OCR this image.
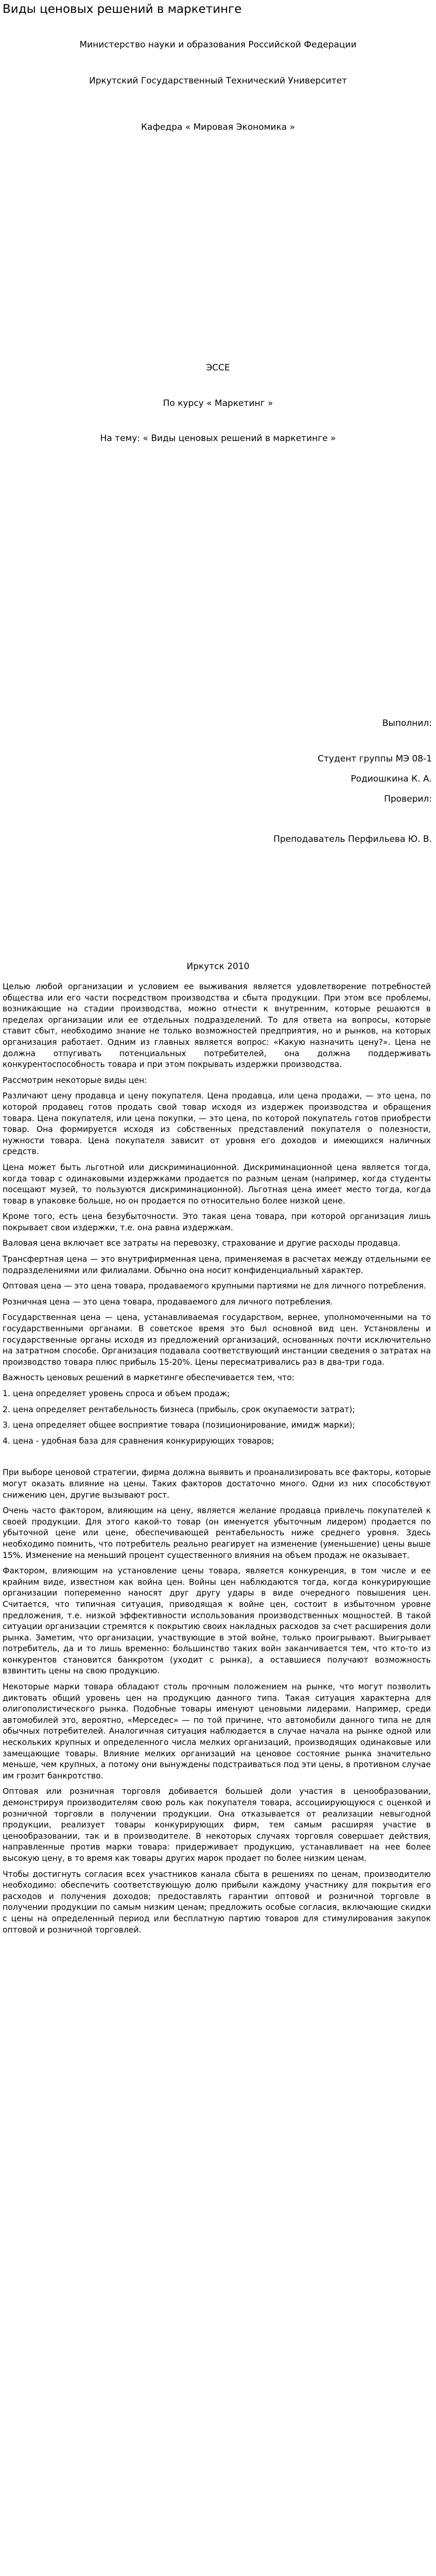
Виды ценовых решений в маркетинге
Министерство науки и образования Российской Федерации
Иркутский Государственный Технический Университет
Кафедра « Мировая Экономика »
ЭССЕ
По курсу « Маркетинг »
На тему: « Виды ценовых решений в маркетинге »
Выполнил:
Студент группы МЭ 08-1
Родиошкина К. А.
Проверил:
Преподаватель Перфильева Ю. В.
Иркутск 2010

Целью любой организации и условием ее выживания является удовлетворение потребностей общества или его части посредством производства и сбыта продукции. При этом все проблемы, возникающие на стадии производства, можно отнести к внутренним, которые решаются в пределах организации или ее отдельных подразделений. То для ответа на вопросы, которые ставит сбыт, необходимо знание не только возможностей предприятия, но и рынков, на которых организация работает. Одним из главных является вопрос: «Какую назначить цену?». Цена не должна отпугивать потенциальных потребителей, она должна поддерживать конкурентоспособность товара и при этом покрывать издержки производства.

Рассмотрим некоторые виды цен:

Различают цену продавца и цену покупателя. Цена продавца, или цена продажи, — это цена, по которой продавец готов продать свой товар исходя из издержек производства и обращения товара. Цена покупателя, или цена покупки, — это цена, по которой покупатель готов приобрести товар. Она формируется исходя из собственных представлений покупателя о полезности, нужности товара. Цена покупателя зависит от уровня его доходов и имеющихся наличных средств.

Цена может быть льготной или дискриминационной. Дискриминационной цена является тогда, когда товар с одинаковыми издержками продается по разным ценам (например, когда студенты посещают музей, то пользуются дискриминационной). Льготная цена имеет место тогда, когда товар в упаковке больше, но он продается по относительно более низкой цене.

Кроме того, есть цена безубыточности. Это такая цена товара, при которой организация лишь покрывает свои издержки, т.е. она равна издержкам.

Валовая цена включает все затраты на перевозку, страхование и другие расходы продавца.

Трансфертная цена — это внутрифирменная цена, применяемая в расчетах между отдельными ее подразделениями или филиалами. Обычно она носит конфиденциальный характер.

Оптовая цена — это цена товара, продаваемого крупными партиями не для личного потребления.

Розничная цена — это цена товара, продаваемого для личного потребления.

Государственная цена — цена, устанавливаемая государством, вернее, уполномоченными на то государственными органами. В советское время это был основной вид цен. Установлены и государственные органы исходя из предложений организаций, основанных почти исключительно на затратном способе. Организация подавала соответствующий инстанции сведения о затратах на производство товара плюс прибыль 15-20%. Цены пересматривались раз в два-три года.

Важность ценовых решений в маркетинге обеспечивается тем, что:

1. цена определяет уровень спроса и объем продаж;

2. цена определяет рентабельность бизнеса (прибыль, срок окупаемости затрат);

3. цена определяет общее восприятие товара (позиционирование, имидж марки);

4. цена - удобная база для сравнения конкурирующих товаров;

При выборе ценовой стратегии, фирма должна выявить и проанализировать все факторы, которые могут оказать влияние на цены. Таких факторов достаточно много. Одни из них способствуют снижению цен, другие вызывают рост.

Очень часто фактором, влияющим на цену, является желание продавца привлечь покупателей к своей продукции. Для этого какой-то товар (он именуется убыточным лидером) продается по убыточной цене или цене, обеспечивающей рентабельность ниже среднего уровня. Здесь необходимо помнить, что потребитель реально реагирует на изменение (уменьшение) цены выше 15%. Изменение на меньший процент существенного влияния на объем продаж не оказывает.

Фактором, влияющим на установление цены товара, является конкуренция, в том числе и ее крайним виде, известном как война цен. Войны цен наблюдаются тогда, когда конкурирующие организации попеременно наносят друг другу удары в виде очередного повышения цен. Считается, что типичная ситуация, приводящая к войне цен, состоит в избыточном уровне предложения, т.е. низкой эффективности использования производственных мощностей. В такой ситуации организации стремятся к покрытию своих накладных расходов за счет расширения доли рынка. Заметим, что организации, участвующие в этой войне, только проигрывают. Выигрывает потребитель, да и то лишь временно: большинство таких войн заканчивается тем, что кто-то из конкурентов становится банкротом (уходит с рынка), а оставшиеся получают возможность взвинтить цены на свою продукцию.

Некоторые марки товара обладают столь прочным положением на рынке, что могут позволить диктовать общий уровень цен на продукцию данного типа. Такая ситуация характерна для олигополистического рынка. Подобные товары именуют ценовыми лидерами. Например, среди автомобилей это, вероятно, «Мерседес» — по той причине, что автомобили данного типа не для обычных потребителей. Аналогичная ситуация наблюдается в случае начала на рынке одной или нескольких крупных и определенного числа мелких организаций, производящих одинаковые или замещающие товары. Влияние мелких организаций на ценовое состояние рынка значительно меньше, чем крупных, а потому они вынуждены подстраиваться под эти цены, в противном случае им грозит банкротство.

Оптовая или розничная торговля добивается большей доли участия в ценообразовании, демонстрируя производителям свою роль как покупателя товара, ассоциирующуюся с оценкой и розничной торговли в получении продукции. Она отказывается от реализации невыгодной продукции, реализует товары конкурирующих фирм, тем самым расширяя участие в ценообразовании, так и в производителе. В некоторых случаях торговля совершает действия, направленные против марки товара: придерживает продукцию, устанавливает на нее более высокую цену, в то время как товары других марок продает по более низким ценам.

Чтобы достигнуть согласия всех участников канала сбыта в решениях по ценам, производителю необходимо: обеспечить соответствующую долю прибыли каждому участнику для покрытия его расходов и получения доходов; предоставлять гарантии оптовой и розничной торговле в получении продукции по самым низким ценам; предложить особые согласия, включающие скидки с цены на определенный период или бесплатную партию товаров для стимулирования закупок оптовой и розничной торговлей.
